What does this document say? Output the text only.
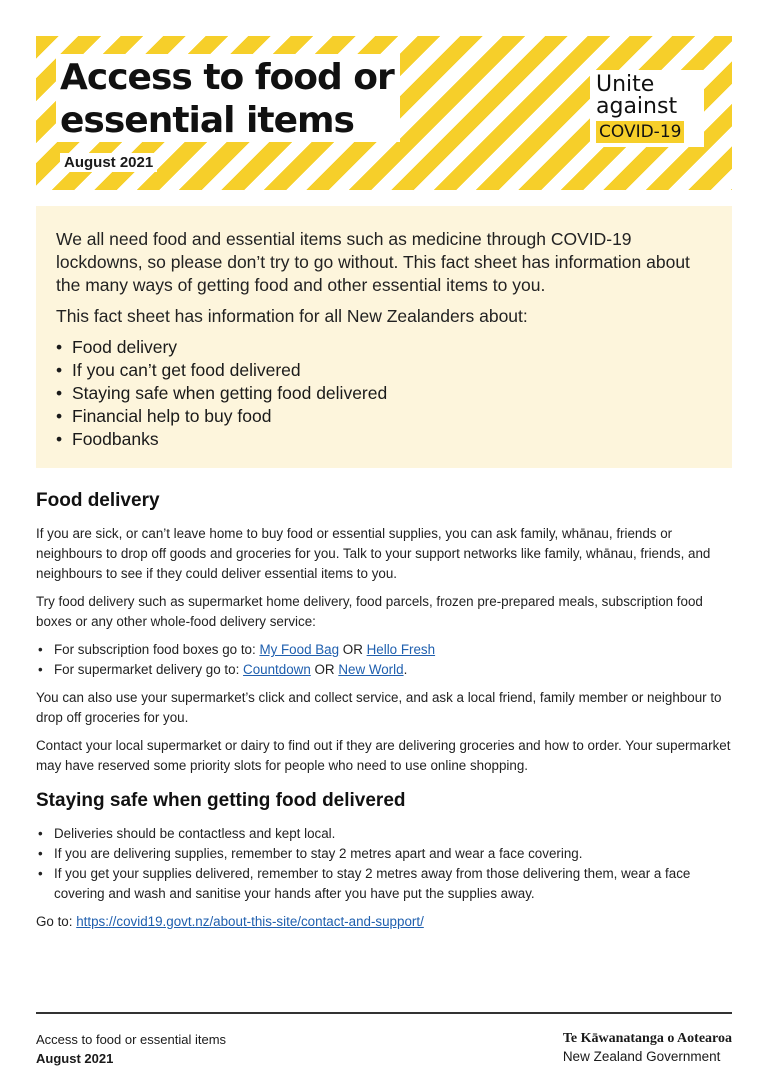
Access to food or
essential items
August 2021
Unite
against
COVID-19

We all need food and essential items such as medicine through COVID-19 lockdowns, so please don’t try to go without. This fact sheet has information about the many ways of getting food and other essential items to you.

This fact sheet has information for all New Zealanders about:

• Food delivery
• If you can’t get food delivered
• Staying safe when getting food delivered
• Financial help to buy food
• Foodbanks
Food delivery

If you are sick, or can’t leave home to buy food or essential supplies, you can ask family, whānau, friends or neighbours to drop off goods and groceries for you. Talk to your support networks like family, whānau, friends, and neighbours to see if they could deliver essential items to you.

Try food delivery such as supermarket home delivery, food parcels, frozen pre-prepared meals, subscription food boxes or any other whole-food delivery service:

• For subscription food boxes go to: My Food Bag OR Hello Fresh
• For supermarket delivery go to: Countdown OR New World.

You can also use your supermarket’s click and collect service, and ask a local friend, family member or neighbour to drop off groceries for you.

Contact your local supermarket or dairy to find out if they are delivering groceries and how to order. Your supermarket may have reserved some priority slots for people who need to use online shopping.

Staying safe when getting food delivered
• Deliveries should be contactless and kept local.
• If you are delivering supplies, remember to stay 2 metres apart and wear a face covering.
• If you get your supplies delivered, remember to stay 2 metres away from those delivering them, wear a face covering and wash and sanitise your hands after you have put the supplies away.

Go to: https://covid19.govt.nz/about-this-site/contact-and-support/

Access to food or essential items
August 2021
Te Kāwanatanga o Aotearoa
New Zealand Government
